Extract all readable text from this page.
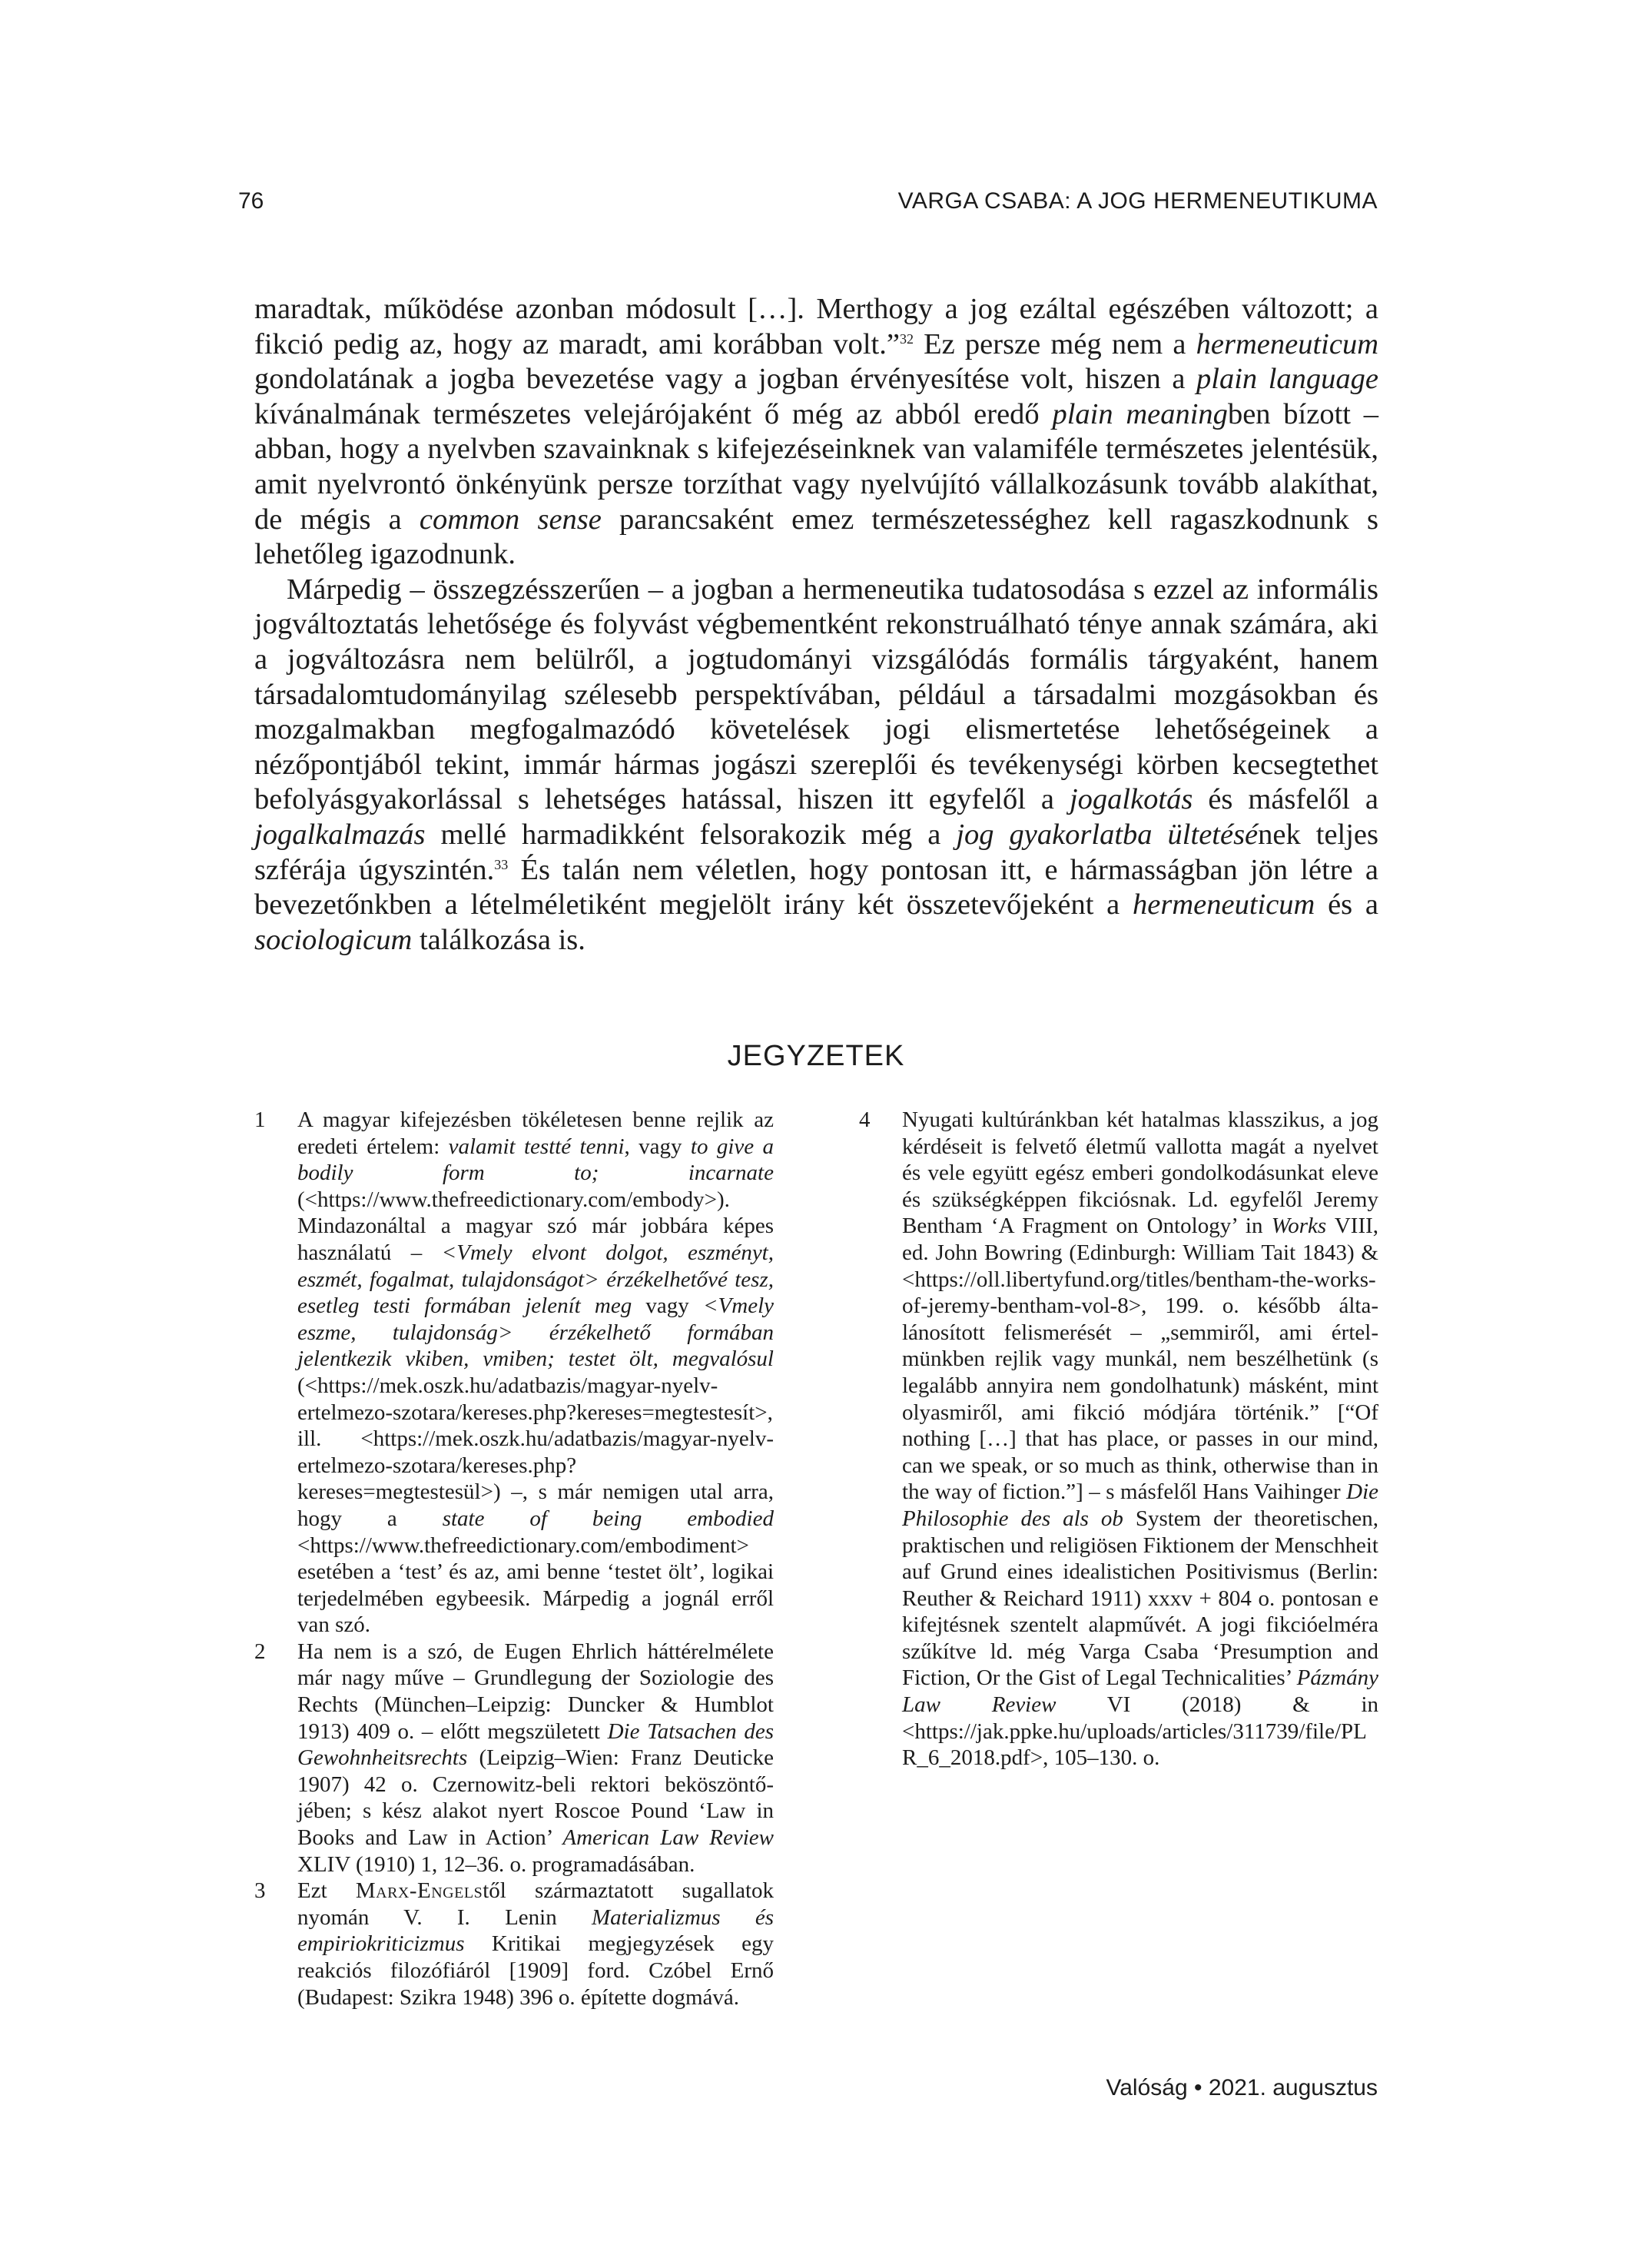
76	VARGA CSABA: A JOG HERMENEUTIKUMA

maradtak, működése azonban módosult […]. Merthogy a jog ezáltal egészében változott; a fikció pedig az, hogy az maradt, ami korábban volt.”$^{32}$ Ez persze még nem a hermeneuticum gondolatának a jogba bevezetése vagy a jogban érvényesítése volt, hiszen a plain language kívánalmának természetes velejárójaként ő még az abból eredő plain meaningben bízott – abban, hogy a nyelvben szavainknak s kifejezéseinknek van valamiféle természetes jelentésük, amit nyelvrontó önkényünk persze torzíthat vagy nyelvújító vállalkozásunk tovább alakíthat, de mégis a common sense parancsaként emez természetességhez kell ragaszkodnunk s lehetőleg igazodnunk.

Márpedig – összegzésszerűen – a jogban a hermeneutika tudatosodása s ezzel az informális jogváltoztatás lehetősége és folyvást végbementként rekonstruálható ténye annak számára, aki a jogváltozásra nem belülről, a jogtudományi vizsgálódás formális tárgyaként, hanem társadalomtudományilag szélesebb perspektívában, például a társadalmi mozgásokban és mozgalmakban megfogalmazódó követelések jogi elismertetése lehetőségeinek a nézőpontjából tekint, immár hármas jogászi szereplői és tevékenységi körben kecsegtethet befolyásgyakorlással s lehetséges hatással, hiszen itt egyfelől a jogalkotás és másfelől a jogalkalmazás mellé harmadikként felsorakozik még a jog gyakorlatba ültetésének teljes szférája úgyszintén.$^{33}$ És talán nem véletlen, hogy pontosan itt, e hármasságban jön létre a bevezetőnkben a lételméletiként megjelölt irány két összetevőjeként a hermeneuticum és a sociologicum találkozása is.

JEGYZETEK
1	A magyar kifejezésben tökéletesen benne rejlik az eredeti értelem: valamit testté tenni, vagy to give a bodily form to; incarnate (<https://www.thefreedictionary.com/embody>). Mindazonáltal a magyar szó már jobbára képes használatú – <Vmely elvont dolgot, eszményt, eszmét, fogalmat, tulajdonságot> érzékelhetővé tesz, esetleg testi formában jelenít meg vagy <Vmely eszme, tulajdonság> érzékelhető formában jelentkezik vkiben, vmiben; testet ölt, megvalósul (<https://mek.oszk.hu/adatbazis/magyar-nyelv-ertelmezo-szotara/kereses.php?kereses=megtestesít>, ill. <https://mek.oszk.hu/adatbazis/magyar-nyelv-ertelmezo-szotara/kereses.php?kereses=megtestesül>) –, s már nemigen utal arra, hogy a state of being embodied <https://www.thefreedictionary.com/embodiment> esetében a ‘test’ és az, ami benne ‘testet ölt’, logikai terjedelmében egybeesik. Márpedig a jognál erről van szó.
2	Ha nem is a szó, de Eugen Ehrlich háttérelmélete már nagy műve – Grundlegung der Soziologie des Rechts (München–Leipzig: Duncker & Humblot 1913) 409 o. – előtt megszületett Die Tatsachen des Gewohnheitsrechts (Leipzig–Wien: Franz Deuticke 1907) 42 o. Czernowitz-beli rektori beköszöntőjében; s kész alakot nyert Roscoe Pound ‘Law in Books and Law in Action’ American Law Review XLIV (1910) 1, 12–36. o. programadásában.
3	Ezt Marx-Engelstől származtatott sugallatok nyomán V. I. Lenin Materializmus és empiriokriticizmus Kritikai megjegyzések egy reakciós filozófiáról [1909] ford. Czóbel Ernő (Budapest: Szikra 1948) 396 o. építette dogmává.
4	Nyugati kultúránkban két hatalmas klasszikus, a jog kérdéseit is felvető életmű vallotta magát a nyelvet és vele együtt egész emberi gondolkodásunkat eleve és szükségképpen fikciósnak. Ld. egyfelől Jeremy Bentham ‘A Fragment on Ontology’ in Works VIII, ed. John Bowring (Edinburgh: William Tait 1843) & <https://oll.libertyfund.org/titles/bentham-the-works-of-jeremy-bentham-vol-8>, 199. o. később általánosított felismerését – „semmiről, ami értelmünkben rejlik vagy munkál, nem beszélhetünk (s legalább annyira nem gondolhatunk) másként, mint olyasmiről, ami fikció módjára történik.” [“Of nothing […] that has place, or passes in our mind, can we speak, or so much as think, otherwise than in the way of fiction.”] – s másfelől Hans Vaihinger Die Philosophie des als ob System der theoretischen, praktischen und religiösen Fiktionem der Menschheit auf Grund eines idealistichen Positivismus (Berlin: Reuther & Reichard 1911) xxxv + 804 o. pontosan e kifejtésnek szentelt alapművét. A jogi fikcióelméra szűkítve ld. még Varga Csaba ‘Presumption and Fiction, Or the Gist of Legal Technicalities’ Pázmány Law Review VI (2018) & in <https://jak.ppke.hu/uploads/articles/311739/file/PLR_6_2018.pdf>, 105–130. o.
Valóság • 2021. augusztus
